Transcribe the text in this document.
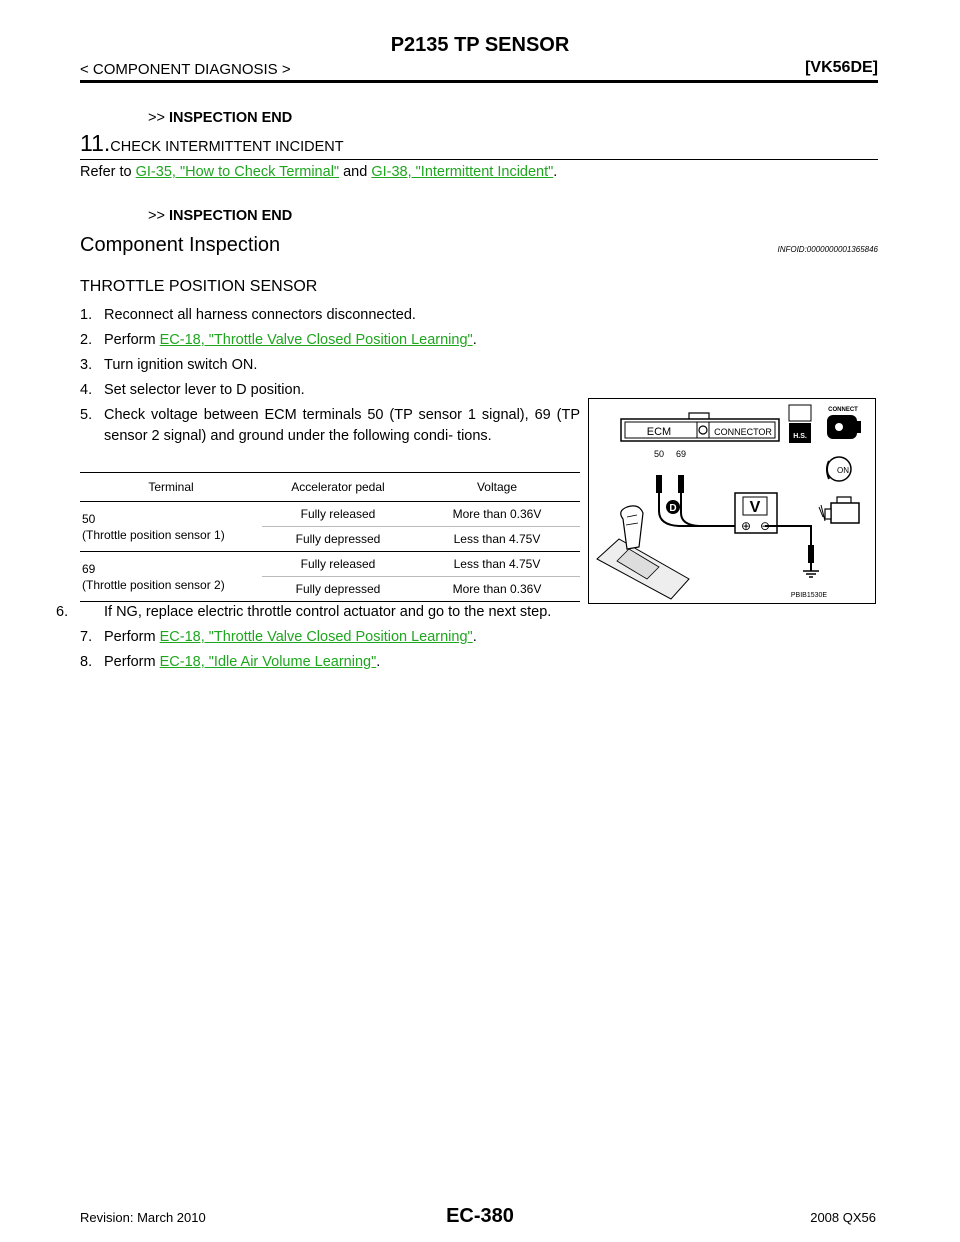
P2135 TP SENSOR
< COMPONENT DIAGNOSIS >	[VK56DE]
>> INSPECTION END
11.CHECK INTERMITTENT INCIDENT
Refer to GI-35, "How to Check Terminal" and GI-38, "Intermittent Incident".
>> INSPECTION END
Component Inspection	INFOID:0000000001365846
THROTTLE POSITION SENSOR
1. Reconnect all harness connectors disconnected.
2. Perform EC-18, "Throttle Valve Closed Position Learning".
3. Turn ignition switch ON.
4. Set selector lever to D position.
5. Check voltage between ECM terminals 50 (TP sensor 1 signal), 69 (TP sensor 2 signal) and ground under the following condi- tions.
Terminal	Accelerator pedal	Voltage

50
(Throttle position sensor 1)	Fully released	More than 0.36V
	Fully depressed	Less than 4.75V

69
(Throttle position sensor 2)	Fully released	Less than 4.75V
	Fully depressed	More than 0.36V
6. If NG, replace electric throttle control actuator and go to the next step.
7. Perform EC-18, "Throttle Valve Closed Position Learning".
8. Perform EC-18, "Idle Air Volume Learning".
ECM	CONNECTOR
50 69
V
⊕ ⊖
D
H.S.
CONNECT
ON
PBIB1530E
Revision: March 2010	EC-380	2008 QX56
